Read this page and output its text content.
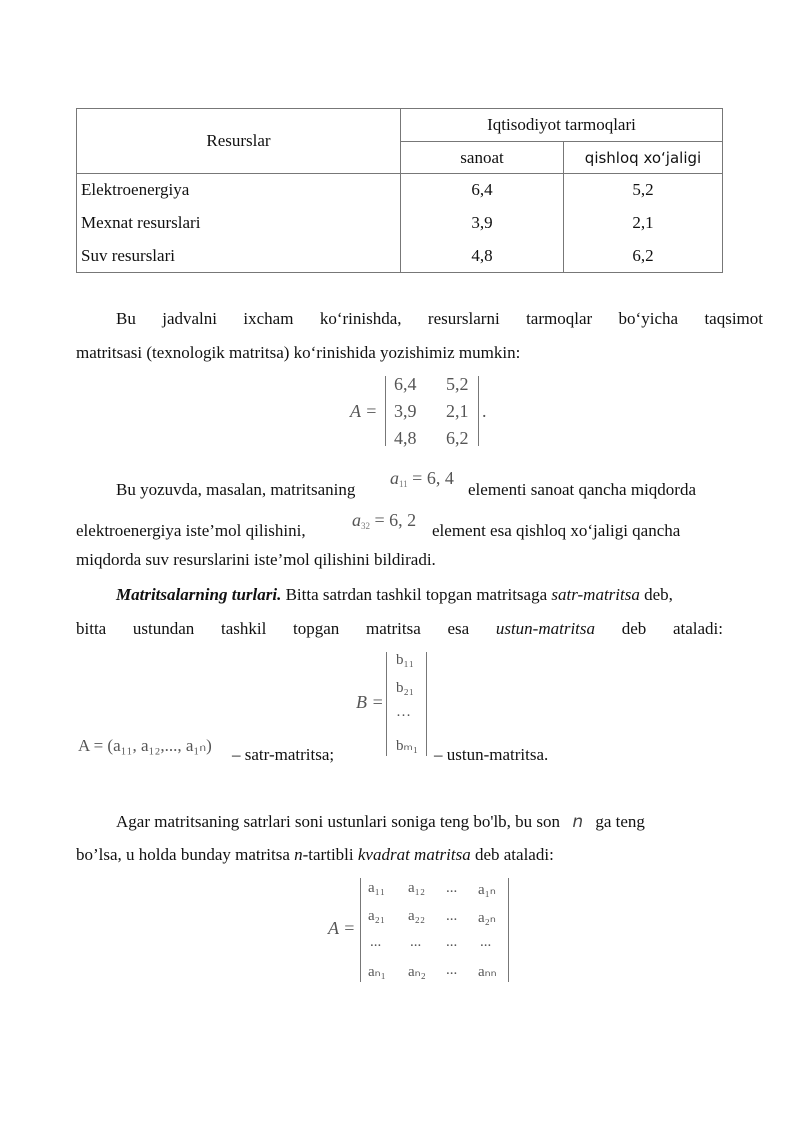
Resurslar	Iqtisodiyot tarmoqlari	
	sanoat	qishloq xo‘jaligi
Elektroenergiya	6,4	5,2
Mexnat resurslari	3,9	2,1
Suv resurslari	4,8	6,2
Bu jadvalni ixcham ko‘rinishda, resurslarni tarmoqlar bo‘yicha taqsimot
matritsasi (texnologik matritsa) ko‘rinishida yozishimiz mumkin:
A =
6,4 5,2
3,9 2,1
4,8 6,2
.
Bu yozuvda, masalan, matritsaning
$a_{11} = 6$, 4
elementi sanoat qancha miqdorda
elektroenergiya iste’mol qilishini,
$a_{32} = 6$, 2
element esa qishloq xo‘jaligi qancha
miqdorda suv resurslarini iste’mol qilishini bildiradi.
Matritsalarning turlari. Bitta satrdan tashkil topgan matritsaga satr-matritsa deb,
bitta ustundan tashkil topgan matritsa esa ustun-matritsa deb ataladi:
A = (a₁₁, a₁₂,..., a₁ₙ) – satr-matritsa;
B =
b₁₁
b₂₁
…
bₘ₁ – ustun-matritsa.
Agar matritsaning satrlari soni ustunlari soniga teng bo'lb, bu son n ga teng
bo’lsa, u holda bunday matritsa n-tartibli kvadrat matritsa deb ataladi:
A =
a₁₁ a₁₂ ... a₁ₙ
a₂₁ a₂₂ ... a₂ₙ
... ... ... ...
aₙ₁ aₙ₂ ... aₙₙ
